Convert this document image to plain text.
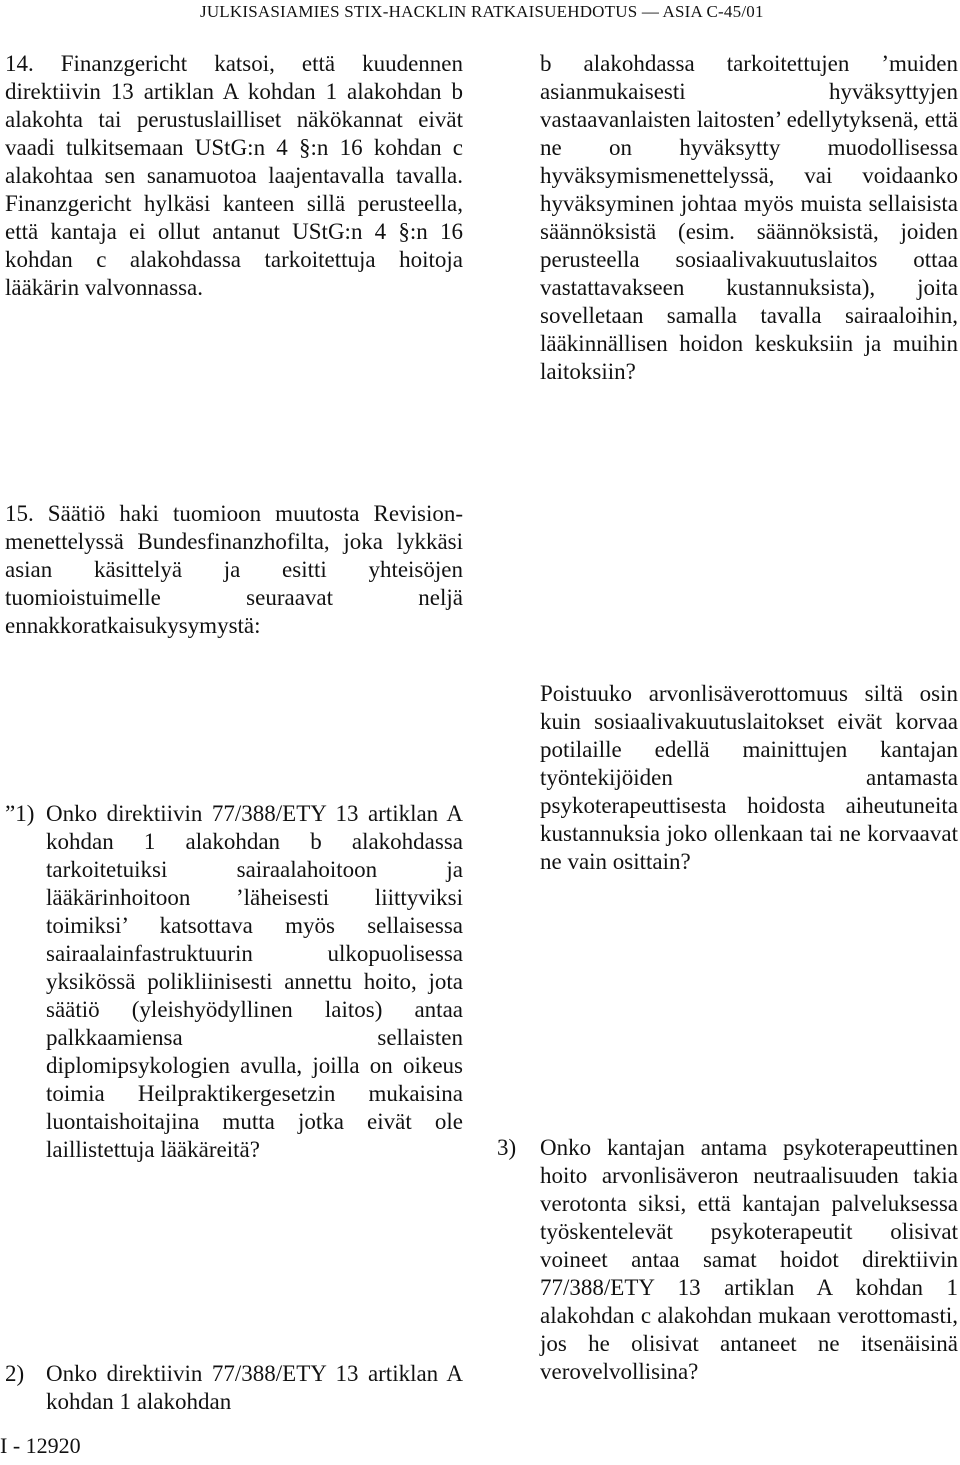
JULKISASIAMIES STIX-HACKLIN RATKAISUEHDOTUS — ASIA C-45/01

14. Finanzgericht katsoi, että kuudennen direktiivin 13 artiklan A kohdan 1 alakohdan b alakohta tai perustuslailliset näkökannat eivät vaadi tulkitsemaan UStG:n 4 §:n 16 kohdan c alakohtaa sen sanamuotoa laajentavalla tavalla. Finanzgericht hylkäsi kanteen sillä perusteella, että kantaja ei ollut antanut UStG:n 4 §:n 16 kohdan c alakohdassa tarkoitettuja hoitoja lääkärin valvonnassa.

b alakohdassa tarkoitettujen ’muiden asianmukaisesti hyväksyttyjen vastaavanlaisten laitosten’ edellytyksenä, että ne on hyväksytty muodollisessa hyväksymismenettelyssä, vai voidaanko hyväksyminen johtaa myös muista sellaisista säännöksistä (esim. säännöksistä, joiden perusteella sosiaalivakuutuslaitos ottaa vastattavakseen kustannuksista), joita sovelletaan samalla tavalla sairaaloihin, lääkinnällisen hoidon keskuksiin ja muihin laitoksiin?

15. Säätiö haki tuomioon muutosta Revision-menettelyssä Bundesfinanzhofilta, joka lykkäsi asian käsittelyä ja esitti yhteisöjen tuomioistuimelle seuraavat neljä ennakkoratkaisukysymystä:

”1) Onko direktiivin 77/388/ETY 13 artiklan A kohdan 1 alakohdan b alakohdassa tarkoitetuiksi sairaalahoitoon ja lääkärinhoitoon ’läheisesti liittyviksi toimiksi’ katsottava myös sellaisessa sairaalainfastruktuurin ulkopuolisessa yksikössä polikliinisesti annettu hoito, jota säätiö (yleishyödyllinen laitos) antaa palkkaamiensa sellaisten diplomipsykologien avulla, joilla on oikeus toimia Heilpraktikergesetzin mukaisina luontaishoitajina mutta jotka eivät ole laillistettuja lääkäreitä?

Poistuuko arvonlisäverottomuus siltä osin kuin sosiaalivakuutuslaitokset eivät korvaa potilaille edellä mainittujen kantajan työntekijöiden antamasta psykoterapeuttisesta hoidosta aiheutuneita kustannuksia joko ollenkaan tai ne korvaavat ne vain osittain?

2) Onko direktiivin 77/388/ETY 13 artiklan A kohdan 1 alakohdan

3) Onko kantajan antama psykoterapeuttinen hoito arvonlisäveron neutraalisuuden takia verotonta siksi, että kantajan palveluksessa työskentelevät psykoterapeutit olisivat voineet antaa samat hoidot direktiivin 77/388/ETY 13 artiklan A kohdan 1 alakohdan c alakohdan mukaan verottomasti, jos he olisivat antaneet ne itsenäisinä verovelvollisina?

I - 12920
